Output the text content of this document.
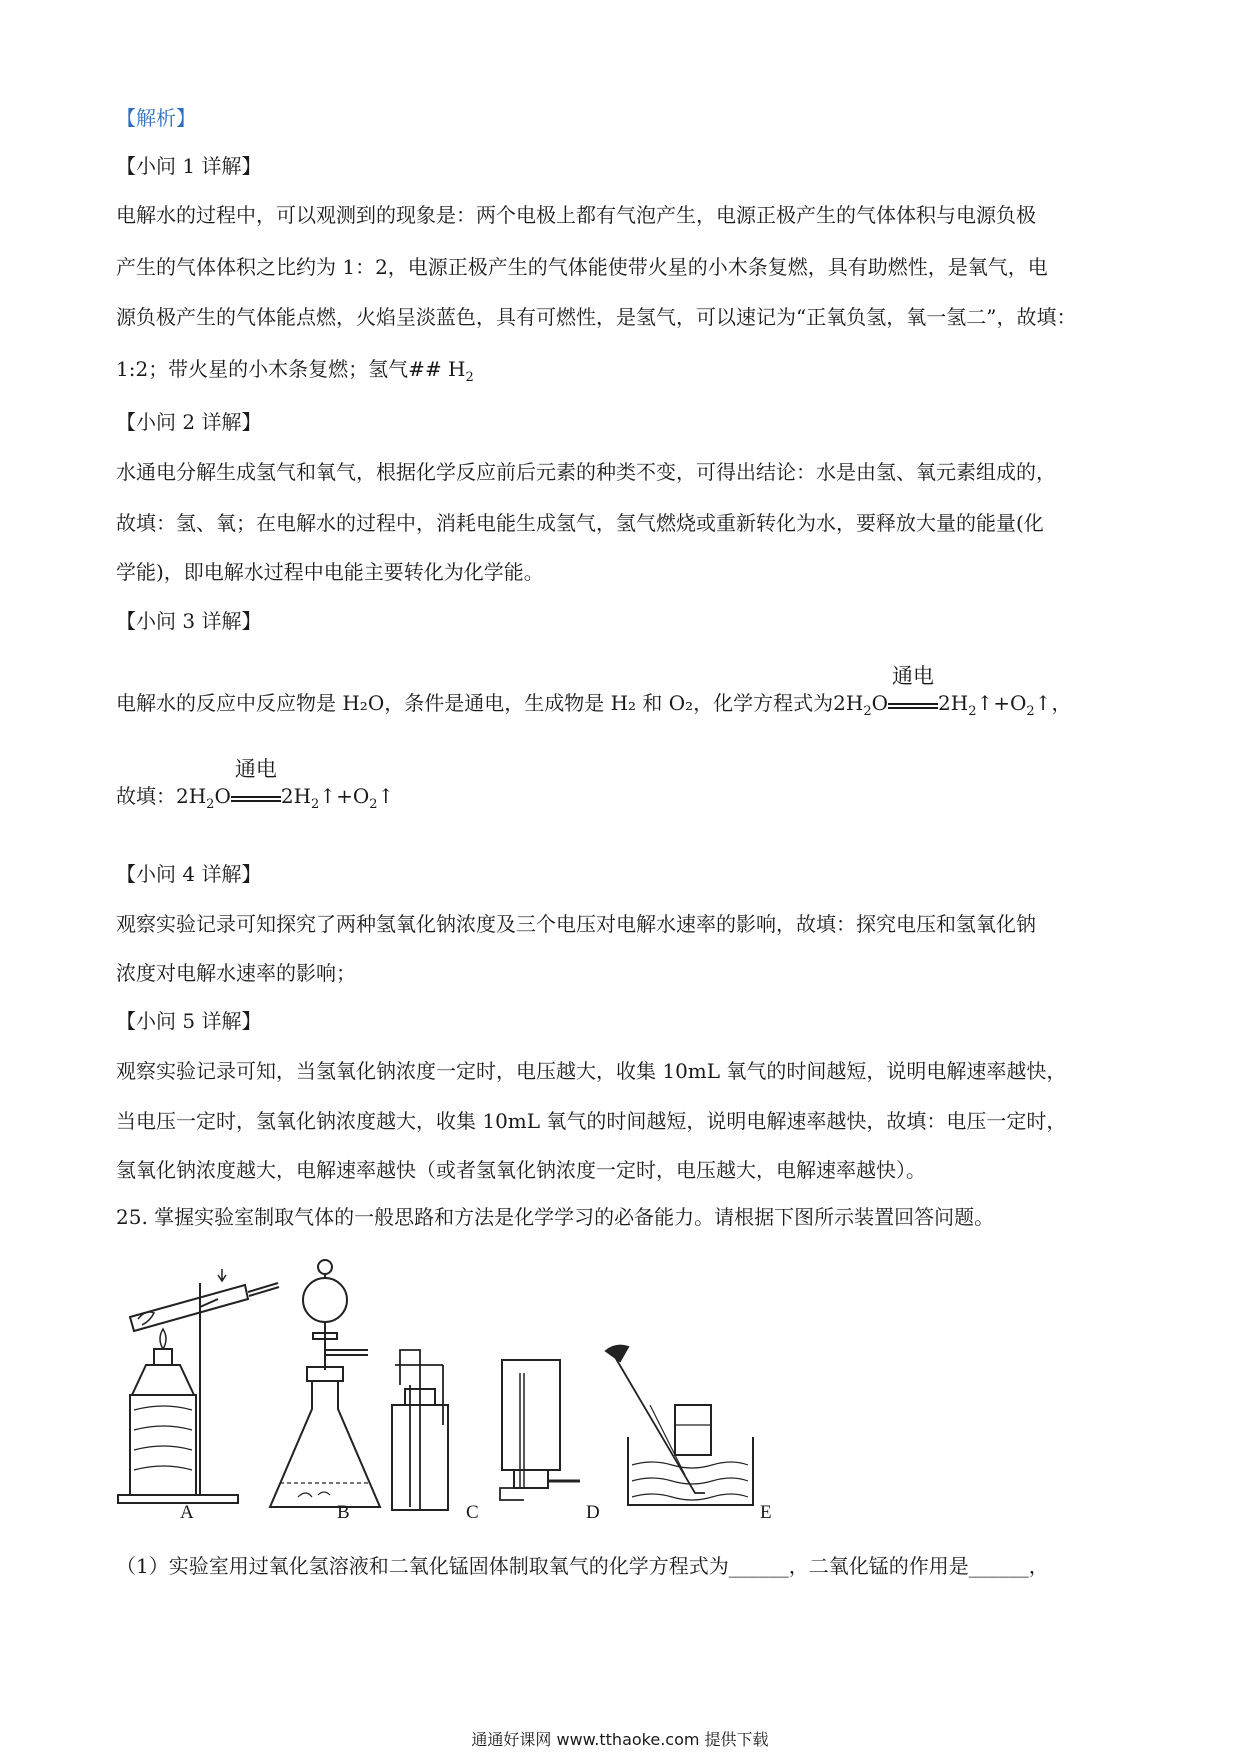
【解析】
【小问 1 详解】
电解水的过程中，可以观测到的现象是：两个电极上都有气泡产生，电源正极产生的气体体积与电源负极
产生的气体体积之比约为 1：2，电源正极产生的气体能使带火星的小木条复燃，具有助燃性，是氧气，电
源负极产生的气体能点燃，火焰呈淡蓝色，具有可燃性，是氢气，可以速记为“正氧负氢，氧一氢二”，故填：
1:2；带火星的小木条复燃；氢气## $H_2$
【小问 2 详解】
水通电分解生成氢气和氧气，根据化学反应前后元素的种类不变，可得出结论：水是由氢、氧元素组成的，
故填：氢、氧；在电解水的过程中，消耗电能生成氢气，氢气燃烧或重新转化为水，要释放大量的能量(化
学能)，即电解水过程中电能主要转化为化学能。
【小问 3 详解】
电解水的反应中反应物是 H₂O，条件是通电，生成物是 H₂ 和 O₂，化学方程式为$2H_2O$
通电
$2H_2↑+O_2↑$，
故填：$2H_2O$
通电
$2H_2↑+O_2↑$
【小问 4 详解】
观察实验记录可知探究了两种氢氧化钠浓度及三个电压对电解水速率的影响，故填：探究电压和氢氧化钠
浓度对电解水速率的影响；
【小问 5 详解】
观察实验记录可知，当氢氧化钠浓度一定时，电压越大，收集 10mL 氧气的时间越短，说明电解速率越快，
当电压一定时，氢氧化钠浓度越大，收集 10mL 氧气的时间越短，说明电解速率越快，故填：电压一定时，
氢氧化钠浓度越大，电解速率越快（或者氢氧化钠浓度一定时，电压越大，电解速率越快）。
25. 掌握实验室制取气体的一般思路和方法是化学学习的必备能力。请根据下图所示装置回答问题。
A	B	C	D	E
（1）实验室用过氧化氢溶液和二氧化锰固体制取氧气的化学方程式为______，二氧化锰的作用是______，
通通好课网 www.tthaoke.com 提供下载
